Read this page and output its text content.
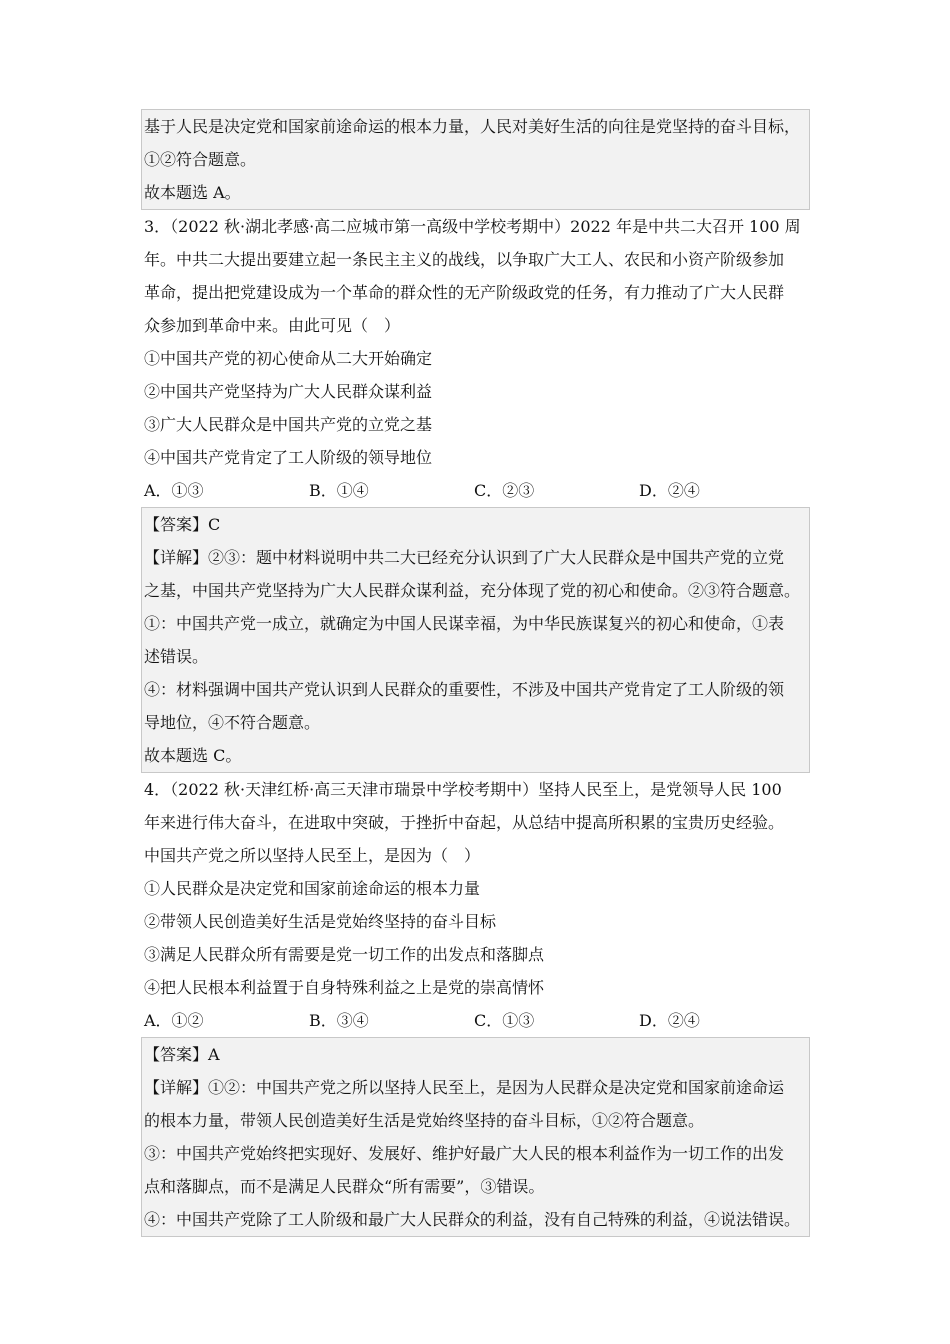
基于人民是决定党和国家前途命运的根本力量，人民对美好生活的向往是党坚持的奋斗目标，
①②符合题意。
故本题选 A。
3．（2022 秋·湖北孝感·高二应城市第一高级中学校考期中）2022 年是中共二大召开 100 周
年。中共二大提出要建立起一条民主主义的战线，以争取广大工人、农民和小资产阶级参加
革命，提出把党建设成为一个革命的群众性的无产阶级政党的任务，有力推动了广大人民群
众参加到革命中来。由此可见（　）
①中国共产党的初心使命从二大开始确定
②中国共产党坚持为广大人民群众谋利益
③广大人民群众是中国共产党的立党之基
④中国共产党肯定了工人阶级的领导地位
A．①③	B．①④	C．②③	D．②④
【答案】C
【详解】②③：题中材料说明中共二大已经充分认识到了广大人民群众是中国共产党的立党
之基，中国共产党坚持为广大人民群众谋利益，充分体现了党的初心和使命。②③符合题意。
①：中国共产党一成立，就确定为中国人民谋幸福，为中华民族谋复兴的初心和使命，①表
述错误。
④：材料强调中国共产党认识到人民群众的重要性，不涉及中国共产党肯定了工人阶级的领
导地位，④不符合题意。
故本题选 C。
4．（2022 秋·天津红桥·高三天津市瑞景中学校考期中）坚持人民至上，是党领导人民 100
年来进行伟大奋斗，在进取中突破，于挫折中奋起，从总结中提高所积累的宝贵历史经验。
中国共产党之所以坚持人民至上，是因为（　）
①人民群众是决定党和国家前途命运的根本力量
②带领人民创造美好生活是党始终坚持的奋斗目标
③满足人民群众所有需要是党一切工作的出发点和落脚点
④把人民根本利益置于自身特殊利益之上是党的崇高情怀
A．①②	B．③④	C．①③	D．②④
【答案】A
【详解】①②：中国共产党之所以坚持人民至上，是因为人民群众是决定党和国家前途命运
的根本力量，带领人民创造美好生活是党始终坚持的奋斗目标，①②符合题意。
③：中国共产党始终把实现好、发展好、维护好最广大人民的根本利益作为一切工作的出发
点和落脚点，而不是满足人民群众“所有需要”，③错误。
④：中国共产党除了工人阶级和最广大人民群众的利益，没有自己特殊的利益，④说法错误。
